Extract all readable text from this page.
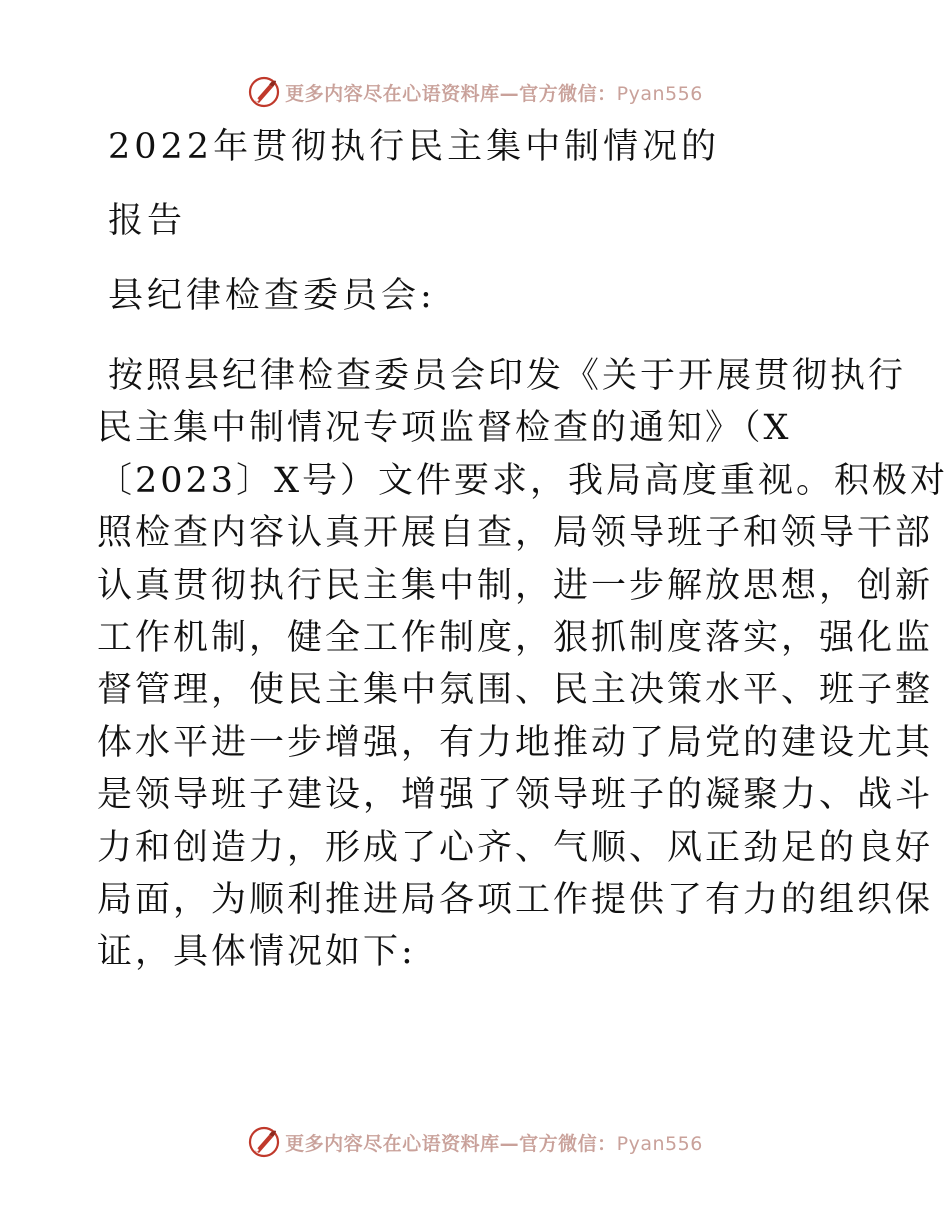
更多内容尽在心语资料库—官方微信：Pyan556
2022年贯彻执行民主集中制情况的
报告
县纪律检查委员会:
按照县纪律检查委员会印发《关于开展贯彻执行
民主集中制情况专项监督检查的通知》（X
〔2023〕X号）文件要求，我局高度重视。积极对
照检查内容认真开展自查，局领导班子和领导干部
认真贯彻执行民主集中制，进一步解放思想，创新
工作机制，健全工作制度，狠抓制度落实，强化监
督管理，使民主集中氛围、民主决策水平、班子整
体水平进一步增强，有力地推动了局党的建设尤其
是领导班子建设，增强了领导班子的凝聚力、战斗
力和创造力，形成了心齐、气顺、风正劲足的良好
局面，为顺利推进局各项工作提供了有力的组织保
证，具体情况如下:
更多内容尽在心语资料库—官方微信：Pyan556
